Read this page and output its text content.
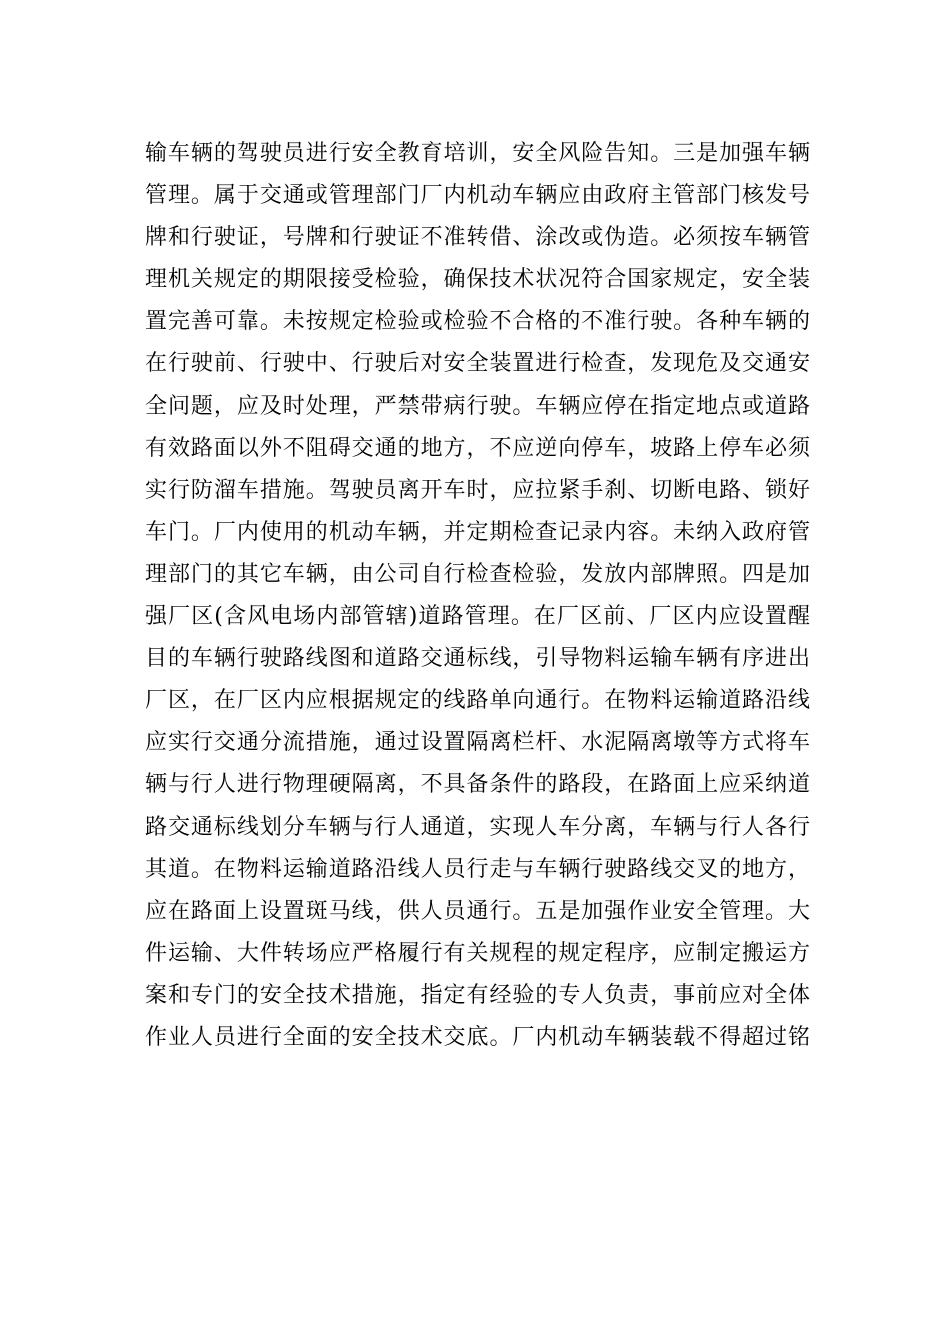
输车辆的驾驶员进行安全教育培训，安全风险告知。三是加强车辆
管理。属于交通或管理部门厂内机动车辆应由政府主管部门核发号
牌和行驶证，号牌和行驶证不准转借、涂改或伪造。必须按车辆管
理机关规定的期限接受检验，确保技术状况符合国家规定，安全装
置完善可靠。未按规定检验或检验不合格的不准行驶。各种车辆的
在行驶前、行驶中、行驶后对安全装置进行检查，发现危及交通安
全问题，应及时处理，严禁带病行驶。车辆应停在指定地点或道路
有效路面以外不阻碍交通的地方，不应逆向停车，坡路上停车必须
实行防溜车措施。驾驶员离开车时，应拉紧手刹、切断电路、锁好
车门。厂内使用的机动车辆，并定期检查记录内容。未纳入政府管
理部门的其它车辆，由公司自行检查检验，发放内部牌照。四是加
强厂区(含风电场内部管辖)道路管理。在厂区前、厂区内应设置醒
目的车辆行驶路线图和道路交通标线，引导物料运输车辆有序进出
厂区，在厂区内应根据规定的线路单向通行。在物料运输道路沿线
应实行交通分流措施，通过设置隔离栏杆、水泥隔离墩等方式将车
辆与行人进行物理硬隔离，不具备条件的路段，在路面上应采纳道
路交通标线划分车辆与行人通道，实现人车分离，车辆与行人各行
其道。在物料运输道路沿线人员行走与车辆行驶路线交叉的地方，
应在路面上设置斑马线，供人员通行。五是加强作业安全管理。大
件运输、大件转场应严格履行有关规程的规定程序，应制定搬运方
案和专门的安全技术措施，指定有经验的专人负责，事前应对全体
作业人员进行全面的安全技术交底。厂内机动车辆装载不得超过铭
